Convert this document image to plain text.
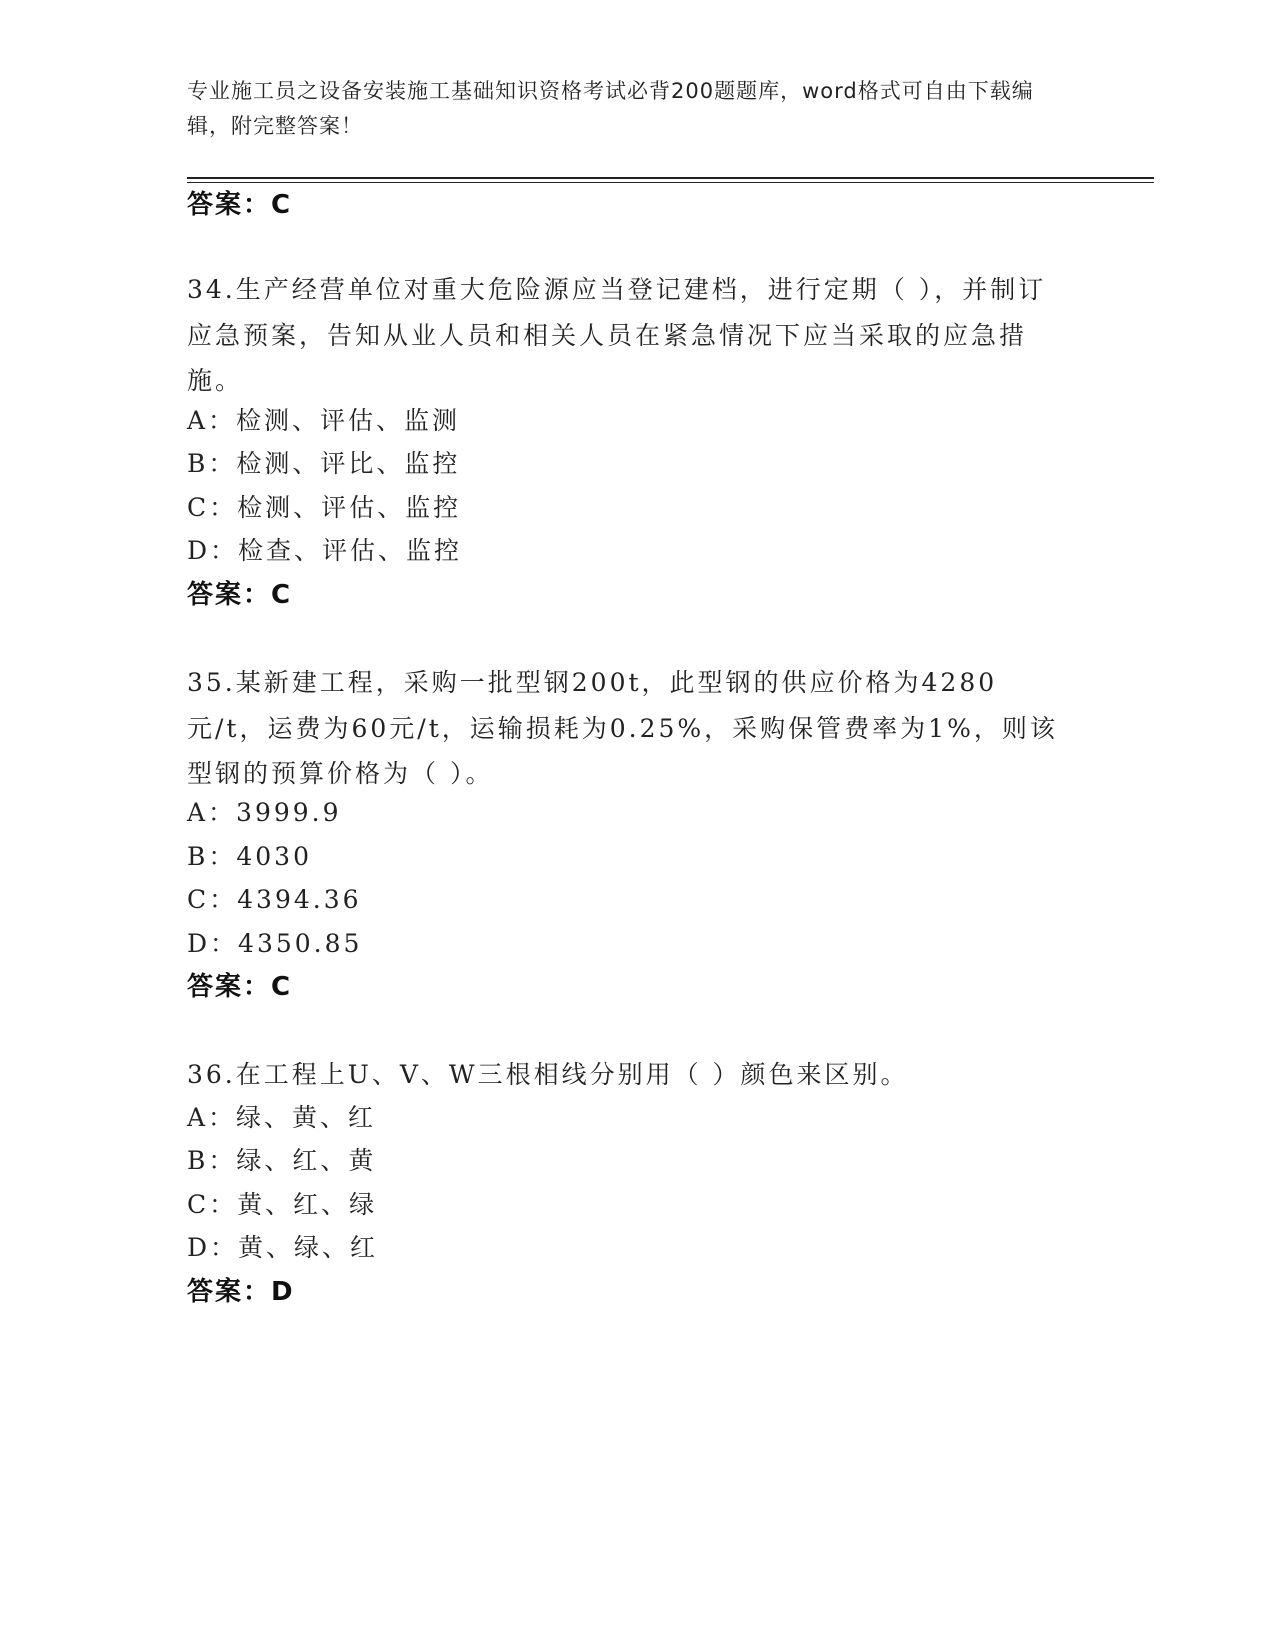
专业施工员之设备安装施工基础知识资格考试必背200题题库，word格式可自由下载编辑，附完整答案！
答案：C
34.生产经营单位对重大危险源应当登记建档，进行定期（ ），并制订应急预案，告知从业人员和相关人员在紧急情况下应当采取的应急措施。
A：检测、评估、监测
B：检测、评比、监控
C：检测、评估、监控
D：检查、评估、监控
答案：C
35.某新建工程，采购一批型钢200t，此型钢的供应价格为4280元/t，运费为60元/t，运输损耗为0.25%，采购保管费率为1%，则该型钢的预算价格为（ ）。
A：3999.9
B：4030
C：4394.36
D：4350.85
答案：C
36.在工程上U、V、W三根相线分别用（ ）颜色来区别。
A：绿、黄、红
B：绿、红、黄
C：黄、红、绿
D：黄、绿、红
答案：D
